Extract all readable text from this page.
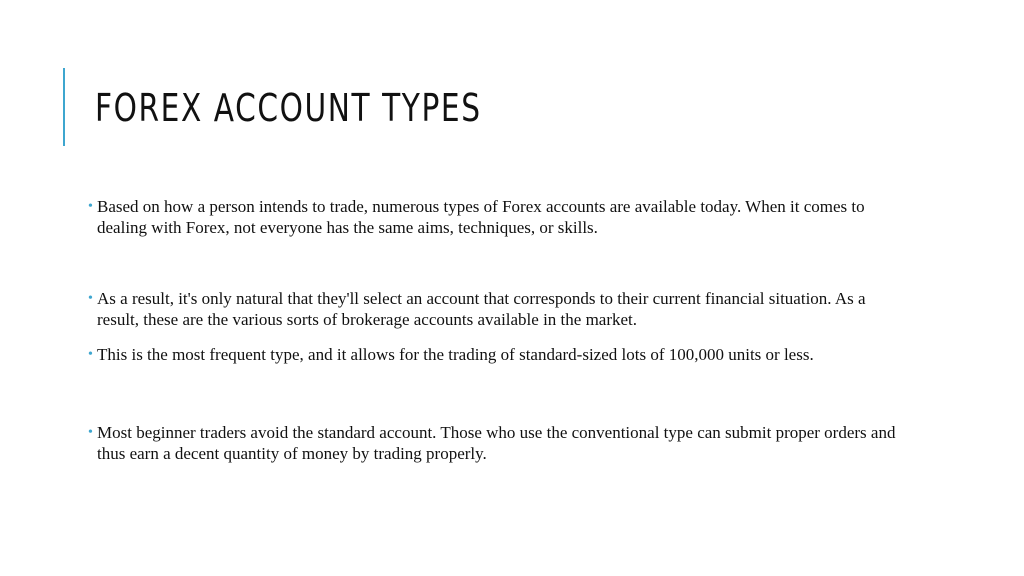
FOREX ACCOUNT TYPES
• Based on how a person intends to trade, numerous types of Forex accounts are available today. When it comes to dealing with Forex, not everyone has the same aims, techniques, or skills.
• As a result, it's only natural that they'll select an account that corresponds to their current financial situation. As a result, these are the various sorts of brokerage accounts available in the market.
• This is the most frequent type, and it allows for the trading of standard-sized lots of 100,000 units or less.
• Most beginner traders avoid the standard account. Those who use the conventional type can submit proper orders and thus earn a decent quantity of money by trading properly.
